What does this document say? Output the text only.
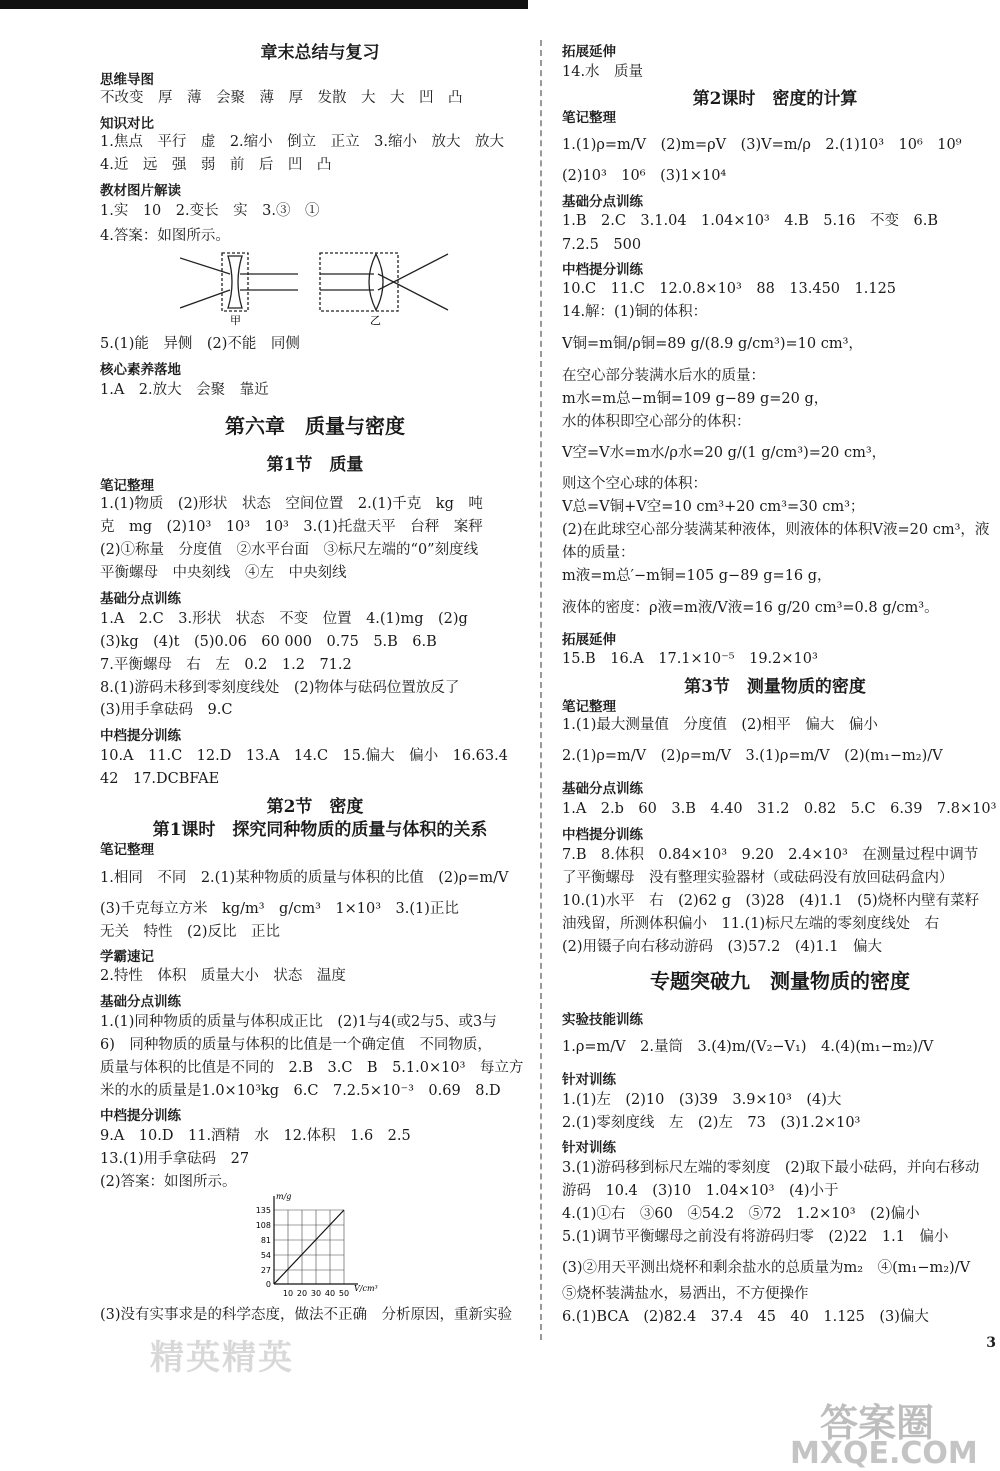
章末总结与复习
思维导图
不改变　厚　薄　会聚　薄　厚　发散　大　大　凹　凸
知识对比
1.焦点　平行　虚　2.缩小　倒立　正立　3.缩小　放大　放大
4.近　远　强　弱　前　后　凹　凸
教材图片解读
1.实　10　2.变长　实　3.③　①
4.答案：如图所示。
5.(1)能　异侧　(2)不能　同侧
核心素养落地
1.A　2.放大　会聚　靠近
第六章　质量与密度
第1节　质量
笔记整理
1.(1)物质　(2)形状　状态　空间位置　2.(1)千克　kg　吨
克　mg　(2)10³　10³　10³　3.(1)托盘天平　台秤　案秤
(2)①称量　分度值　②水平台面　③标尺左端的“0”刻度线
平衡螺母　中央刻线　④左　中央刻线
基础分点训练
1.A　2.C　3.形状　状态　不变　位置　4.(1)mg　(2)g
(3)kg　(4)t　(5)0.06　60 000　0.75　5.B　6.B
7.平衡螺母　右　左　0.2　1.2　71.2
8.(1)游码未移到零刻度线处　(2)物体与砝码位置放反了
(3)用手拿砝码　9.C
中档提分训练
10.A　11.C　12.D　13.A　14.C　15.偏大　偏小　16.63.4
42　17.DCBFAE
第2节　密度
第1课时　探究同种物质的质量与体积的关系
笔记整理
1.相同　不同　2.(1)某种物质的质量与体积的比值　(2)ρ=m/V
(3)千克每立方米　kg/m³　g/cm³　1×10³　3.(1)正比
无关　特性　(2)反比　正比
学霸速记
2.特性　体积　质量大小　状态　温度
基础分点训练
1.(1)同种物质的质量与体积成正比　(2)1与4(或2与5、或3与
6)　同种物质的质量与体积的比值是一个确定值　不同物质，
质量与体积的比值是不同的　2.B　3.C　B　5.1.0×10³　每立方
米的水的质量是1.0×10³kg　6.C　7.2.5×10⁻³　0.69　8.D
中档提分训练
9.A　10.D　11.酒精　水　12.体积　1.6　2.5
13.(1)用手拿砝码　27
(2)答案：如图所示。
(3)没有实事求是的科学态度，做法不正确　分析原因，重新实验
拓展延伸
14.水　质量
第2课时　密度的计算
笔记整理
1.(1)ρ=m/V　(2)m=ρV　(3)V=m/ρ　2.(1)10³　10⁶　10⁹
(2)10³　10⁶　(3)1×10⁴
基础分点训练
1.B　2.C　3.1.04　1.04×10³　4.B　5.16　不变　6.B
7.2.5　500
中档提分训练
10.C　11.C　12.0.8×10³　88　13.450　1.125
14.解：(1)铜的体积：
V铜=m铜/ρ铜=89 g/(8.9 g/cm³)=10 cm³，
在空心部分装满水后水的质量：
m水=m总−m铜=109 g−89 g=20 g，
水的体积即空心部分的体积：
V空=V水=m水/ρ水=20 g/(1 g/cm³)=20 cm³，
则这个空心球的体积：
V总=V铜+V空=10 cm³+20 cm³=30 cm³；
(2)在此球空心部分装满某种液体，则液体的体积V液=20 cm³，液
体的质量：
m液=m总′−m铜=105 g−89 g=16 g，
液体的密度：ρ液=m液/V液=16 g/20 cm³=0.8 g/cm³。
拓展延伸
15.B　16.A　17.1×10⁻⁵　19.2×10³
第3节　测量物质的密度
笔记整理
1.(1)最大测量值　分度值　(2)相平　偏大　偏小
2.(1)ρ=m/V　(2)ρ=m/V　3.(1)ρ=m/V　(2)(m₁−m₂)/V
基础分点训练
1.A　2.b　60　3.B　4.40　31.2　0.82　5.C　6.39　7.8×10³
中档提分训练
7.B　8.体积　0.84×10³　9.20　2.4×10³　在测量过程中调节
了平衡螺母　没有整理实验器材（或砝码没有放回砝码盒内）
10.(1)水平　右　(2)62 g　(3)28　(4)1.1　(5)烧杯内壁有菜籽
油残留，所测体积偏小　11.(1)标尺左端的零刻度线处　右
(2)用镊子向右移动游码　(3)57.2　(4)1.1　偏大
专题突破九　测量物质的密度
实验技能训练
1.ρ=m/V　2.量筒　3.(4)m/(V₂−V₁)　4.(4)(m₁−m₂)/V
针对训练
1.(1)左　(2)10　(3)39　3.9×10³　(4)大
2.(1)零刻度线　左　(2)左　73　(3)1.2×10³
针对训练
3.(1)游码移到标尺左端的零刻度　(2)取下最小砝码，并向右移动
游码　10.4　(3)10　1.04×10³　(4)小于
4.(1)①右　③60　④54.2　⑤72　1.2×10³　(2)偏小
5.(1)调节平衡螺母之前没有将游码归零　(2)22　1.1　偏小
(3)②用天平测出烧杯和剩余盐水的总质量为m₂　④(m₁−m₂)/V
⑤烧杯装满盐水，易洒出，不方便操作
6.(1)BCA　(2)82.4　37.4　45　40　1.125　(3)偏大
甲	乙
m/g
V/cm³
135
108
81
54
27
0
10 20 30 40 50
精英精英
答案圈
MXQE.COM
3
